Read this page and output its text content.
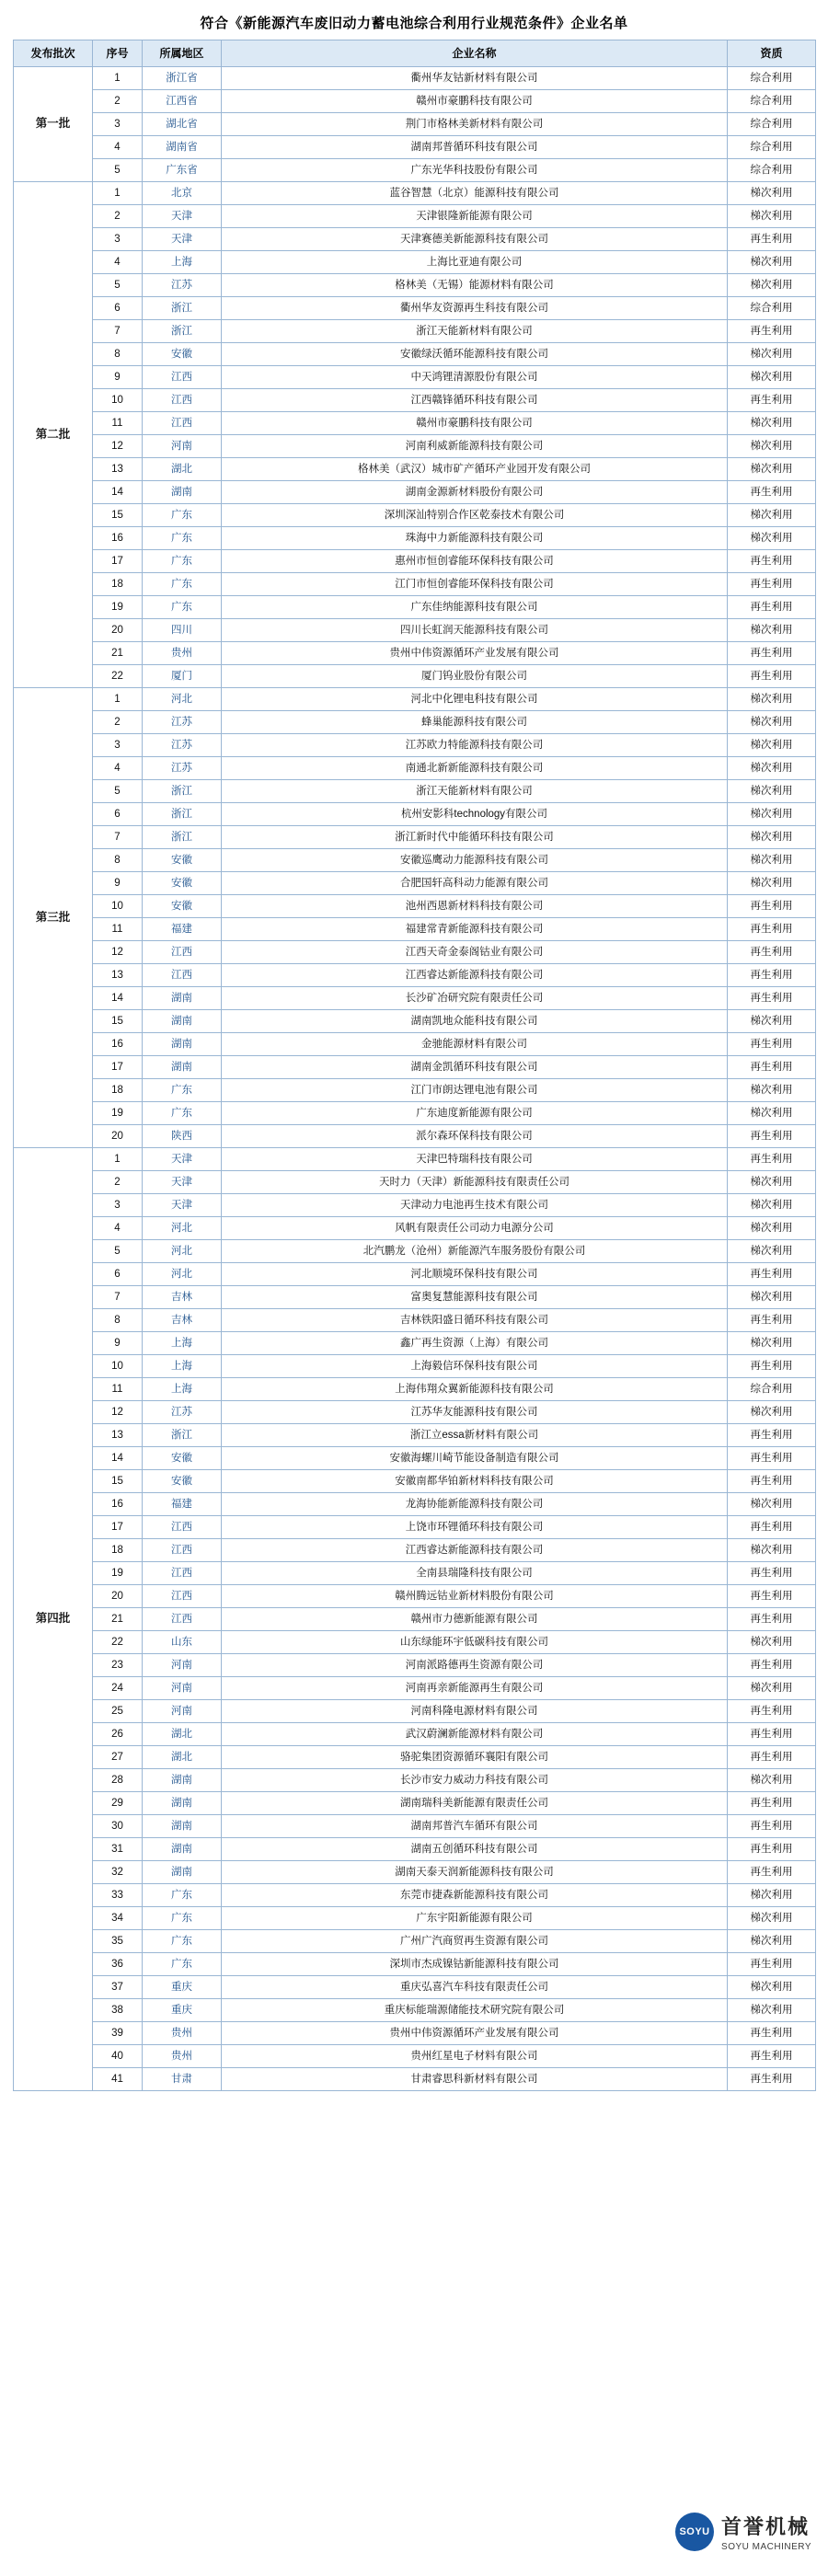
符合《新能源汽车废旧动力蓄电池综合利用行业规范条件》企业名单
发布批次	序号	所属地区	企业名称	资质
第一批	1	浙江省	衢州华友钴新材料有限公司	综合利用
	2	江西省	赣州市豪鹏科技有限公司	综合利用
	3	湖北省	荆门市格林美新材料有限公司	综合利用
	4	湖南省	湖南邦普循环科技有限公司	综合利用
	5	广东省	广东光华科技股份有限公司	综合利用
第二批	1	北京	蓝谷智慧（北京）能源科技有限公司	梯次利用
	2	天津	天津银隆新能源有限公司	梯次利用
	3	天津	天津赛德美新能源科技有限公司	再生利用
	4	上海	上海比亚迪有限公司	梯次利用
	5	江苏	格林美（无锡）能源材料有限公司	梯次利用
	6	浙江	衢州华友资源再生科技有限公司	综合利用
	7	浙江	浙江天能新材料有限公司	再生利用
	8	安徽	安徽绿沃循环能源科技有限公司	梯次利用
	9	江西	中天鸿锂清源股份有限公司	梯次利用
	10	江西	江西赣锋循环科技有限公司	再生利用
	11	江西	赣州市豪鹏科技有限公司	梯次利用
	12	河南	河南利威新能源科技有限公司	梯次利用
	13	湖北	格林美（武汉）城市矿产循环产业园开发有限公司	梯次利用
	14	湖南	湖南金源新材料股份有限公司	再生利用
	15	广东	深圳深汕特别合作区乾泰技术有限公司	梯次利用
	16	广东	珠海中力新能源科技有限公司	梯次利用
	17	广东	惠州市恒创睿能环保科技有限公司	再生利用
	18	广东	江门市恒创睿能环保科技有限公司	再生利用
	19	广东	广东佳纳能源科技有限公司	再生利用
	20	四川	四川长虹润天能源科技有限公司	梯次利用
	21	贵州	贵州中伟资源循环产业发展有限公司	再生利用
	22	厦门	厦门钨业股份有限公司	再生利用
第三批	1	河北	河北中化锂电科技有限公司	梯次利用
	2	江苏	蜂巢能源科技有限公司	梯次利用
	3	江苏	江苏欧力特能源科技有限公司	梯次利用
	4	江苏	南通北新新能源科技有限公司	梯次利用
	5	浙江	浙江天能新材料有限公司	梯次利用
	6	浙江	杭州安影科technology有限公司	梯次利用
	7	浙江	浙江新时代中能循环科技有限公司	梯次利用
	8	安徽	安徽巡鹰动力能源科技有限公司	梯次利用
	9	安徽	合肥国轩高科动力能源有限公司	梯次利用
	10	安徽	池州西恩新材料科技有限公司	再生利用
	11	福建	福建常青新能源科技有限公司	再生利用
	12	江西	江西天奇金泰阁钴业有限公司	再生利用
	13	江西	江西睿达新能源科技有限公司	再生利用
	14	湖南	长沙矿冶研究院有限责任公司	再生利用
	15	湖南	湖南凯地众能科技有限公司	梯次利用
	16	湖南	金驰能源材料有限公司	再生利用
	17	湖南	湖南金凯循环科技有限公司	再生利用
	18	广东	江门市朗达锂电池有限公司	梯次利用
	19	广东	广东迪度新能源有限公司	梯次利用
	20	陕西	派尔森环保科技有限公司	再生利用
第四批	1	天津	天津巴特瑞科技有限公司	再生利用
	2	天津	天时力（天津）新能源科技有限责任公司	梯次利用
	3	天津	天津动力电池再生技术有限公司	梯次利用
	4	河北	风帆有限责任公司动力电源分公司	梯次利用
	5	河北	北汽鹏龙（沧州）新能源汽车服务股份有限公司	梯次利用
	6	河北	河北顺境环保科技有限公司	再生利用
	7	吉林	富奥复慧能源科技有限公司	梯次利用
	8	吉林	吉林铁阳盛日循环科技有限公司	再生利用
	9	上海	鑫广再生资源（上海）有限公司	梯次利用
	10	上海	上海毅信环保科技有限公司	再生利用
	11	上海	上海伟翔众翼新能源科技有限公司	综合利用
	12	江苏	江苏华友能源科技有限公司	梯次利用
	13	浙江	浙江立essa新材料有限公司	再生利用
	14	安徽	安徽海螺川崎节能设备制造有限公司	再生利用
	15	安徽	安徽南都华铂新材料科技有限公司	再生利用
	16	福建	龙海协能新能源科技有限公司	梯次利用
	17	江西	上饶市环锂循环科技有限公司	再生利用
	18	江西	江西睿达新能源科技有限公司	梯次利用
	19	江西	全南县瑞隆科技有限公司	再生利用
	20	江西	赣州腾远钴业新材料股份有限公司	再生利用
	21	江西	赣州市力德新能源有限公司	再生利用
	22	山东	山东绿能环宇低碳科技有限公司	梯次利用
	23	河南	河南派路德再生资源有限公司	再生利用
	24	河南	河南再亲新能源再生有限公司	梯次利用
	25	河南	河南科隆电源材料有限公司	再生利用
	26	湖北	武汉蔚澜新能源材料有限公司	再生利用
	27	湖北	骆驼集团资源循环襄阳有限公司	再生利用
	28	湖南	长沙市安力威动力科技有限公司	梯次利用
	29	湖南	湖南瑞科美新能源有限责任公司	再生利用
	30	湖南	湖南邦普汽车循环有限公司	再生利用
	31	湖南	湖南五创循环科技有限公司	再生利用
	32	湖南	湖南天泰天润新能源科技有限公司	再生利用
	33	广东	东莞市捷森新能源科技有限公司	梯次利用
	34	广东	广东宇阳新能源有限公司	梯次利用
	35	广东	广州广汽商贸再生资源有限公司	梯次利用
	36	广东	深圳市杰成镍钴新能源科技有限公司	再生利用
	37	重庆	重庆弘喜汽车科技有限责任公司	梯次利用
	38	重庆	重庆标能瑞源储能技术研究院有限公司	梯次利用
	39	贵州	贵州中伟资源循环产业发展有限公司	再生利用
	40	贵州	贵州红星电子材料有限公司	再生利用
	41	甘肃	甘肃睿思科新材料有限公司	再生利用
SOYU 首誉机械
SOYU MACHINERY
